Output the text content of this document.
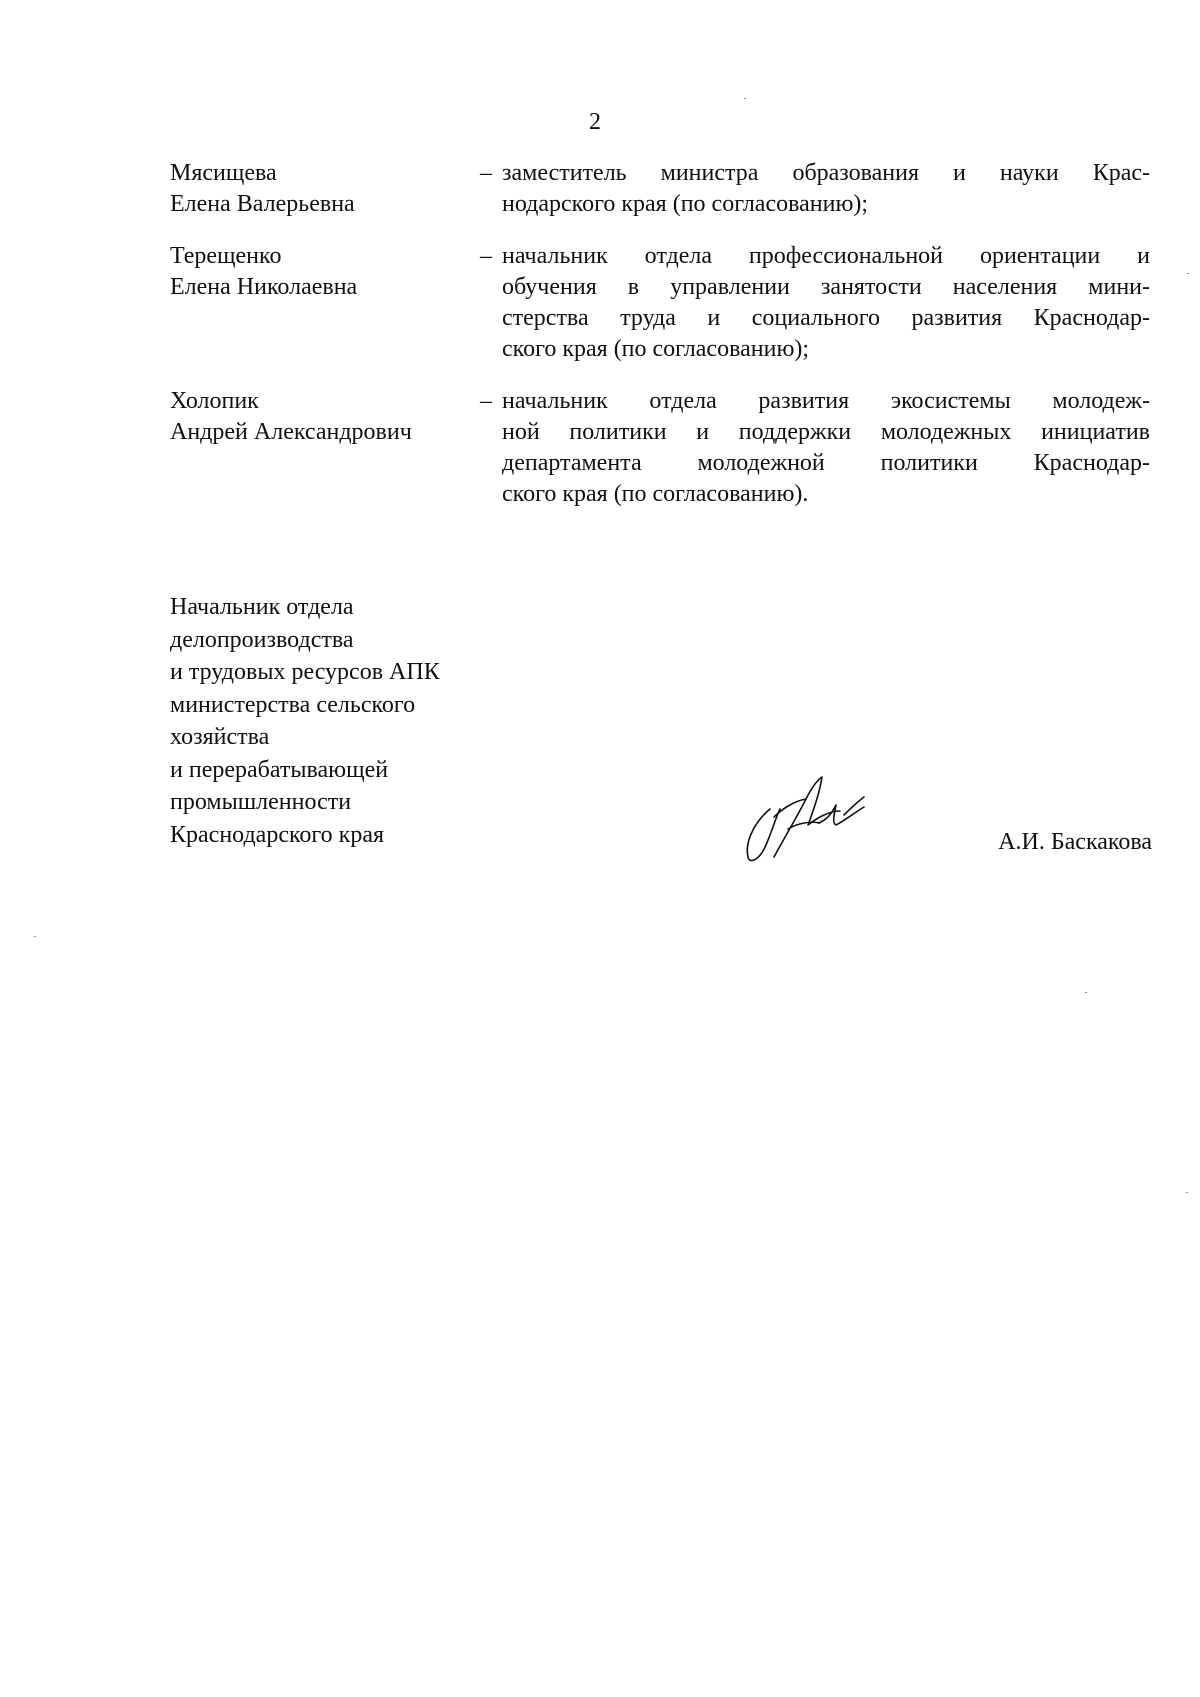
2
Мясищева
Елена Валерьевна
– заместитель министра образования и науки Крас-
нодарского края (по согласованию);
Терещенко
Елена Николаевна
– начальник отдела профессиональной ориентации и
обучения в управлении занятости населения мини-
стерства труда и социального развития Краснодар-
ского края (по согласованию);
Холопик
Андрей Александрович
– начальник отдела развития экосистемы молодеж-
ной политики и поддержки молодежных инициатив
департамента молодежной политики Краснодар-
ского края (по согласованию).
Начальник отдела
делопроизводства
и трудовых ресурсов АПК
министерства сельского
хозяйства
и перерабатывающей
промышленности
Краснодарского края	А.И. Баскакова
